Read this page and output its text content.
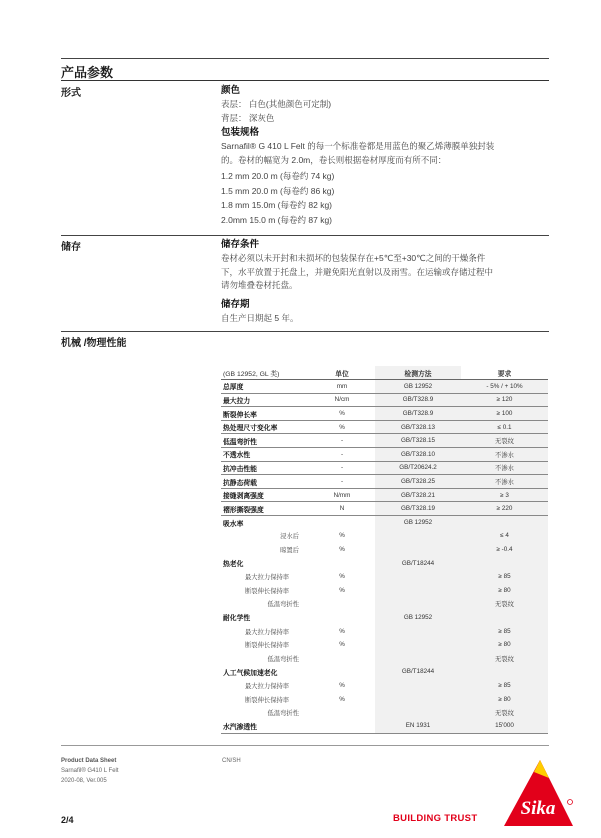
产品参数
形式	颜色
表层： 白色(其他颜色可定制)
背层： 深灰色
包装规格
Sarnafil® G 410 L Felt 的每一个标准卷都是用蓝色的聚乙烯薄膜单独封装
的。卷材的幅宽为 2.0m，卷长则根据卷材厚度而有所不同：
1.2 mm 20.0 m (每卷约 74 kg)
1.5 mm 20.0 m (每卷约 86 kg)
1.8 mm 15.0m (每卷约 82 kg)
2.0mm 15.0 m (每卷约 87 kg)
储存	储存条件
卷材必须以未开封和未损坏的包装保存在+5℃至+30℃之间的干燥条件
下，水平放置于托盘上，并避免阳光直射以及雨雪。在运输或存储过程中
请勿堆叠卷材托盘。
储存期
自生产日期起 5 年。
机械 /物理性能
(GB 12952, GL 类)	单位	检测方法	要求
总厚度	mm	GB 12952	- 5% / + 10%
最大拉力	N/cm	GB/T328.9	≥ 120
断裂伸长率	%	GB/T328.9	≥ 100
热处理尺寸变化率	%	GB/T328.13	≤ 0.1
低温弯折性	-	GB/T328.15	无裂纹
不透水性	-	GB/T328.10	不渗水
抗冲击性能	-	GB/T20624.2	不渗水
抗静态荷载	-	GB/T328.25	不渗水
接缝剥离强度	N/mm	GB/T328.21	≥ 3
褶形撕裂强度	N	GB/T328.19	≥ 220
吸水率		GB 12952	
浸水后	%		≤ 4
晾置后	%		≥ -0.4
热老化		GB/T18244	
最大拉力保持率	%		≥ 85
断裂伸长保持率	%		≥ 80
低温弯折性			无裂纹
耐化学性		GB 12952	
最大拉力保持率	%		≥ 85
断裂伸长保持率	%		≥ 80
低温弯折性			无裂纹
人工气候加速老化		GB/T18244	
最大拉力保持率	%		≥ 85
断裂伸长保持率	%		≥ 80
低温弯折性			无裂纹
水汽渗透性		EN 1931	15'000
Product Data Sheet
Sarnafil® G410 L Felt
2020-08, Ver.005
CN/SH
2/4	BUILDING TRUST Sika
